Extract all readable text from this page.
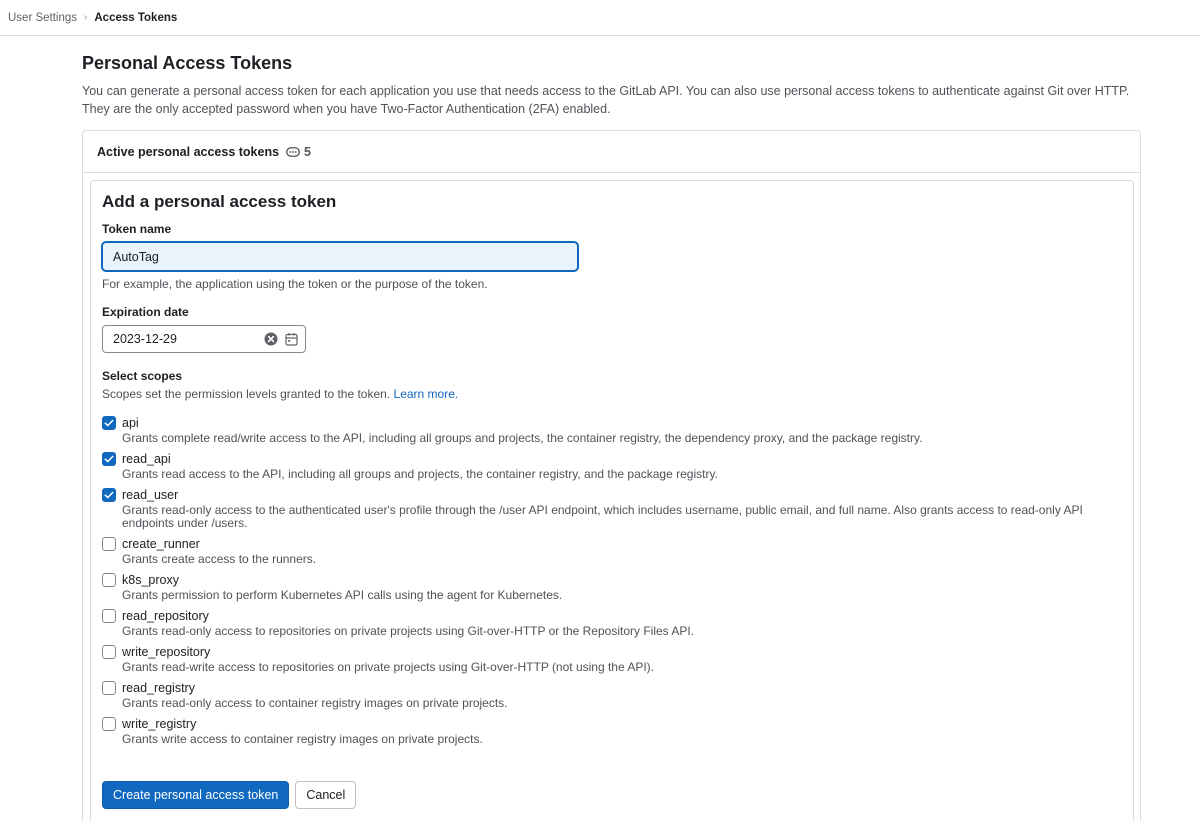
User Settings › Access Tokens
Personal Access Tokens

You can generate a personal access token for each application you use that needs access to the GitLab API. You can also use personal access tokens to authenticate against Git over HTTP. They are the only accepted password when you have Two-Factor Authentication (2FA) enabled.

Active personal access tokens 5
Add a personal access token
Token name
AutoTag
For example, the application using the token or the purpose of the token.
Expiration date
2023-12-29
Select scopes
Scopes set the permission levels granted to the token. Learn more.
api
Grants complete read/write access to the API, including all groups and projects, the container registry, the dependency proxy, and the package registry.
read_api
Grants read access to the API, including all groups and projects, the container registry, and the package registry.
read_user
Grants read-only access to the authenticated user's profile through the /user API endpoint, which includes username, public email, and full name. Also grants access to read-only API endpoints under /users.
create_runner
Grants create access to the runners.
k8s_proxy
Grants permission to perform Kubernetes API calls using the agent for Kubernetes.
read_repository
Grants read-only access to repositories on private projects using Git-over-HTTP or the Repository Files API.
write_repository
Grants read-write access to repositories on private projects using Git-over-HTTP (not using the API).
read_registry
Grants read-only access to container registry images on private projects.
write_registry
Grants write access to container registry images on private projects.
Create personal access token	Cancel
